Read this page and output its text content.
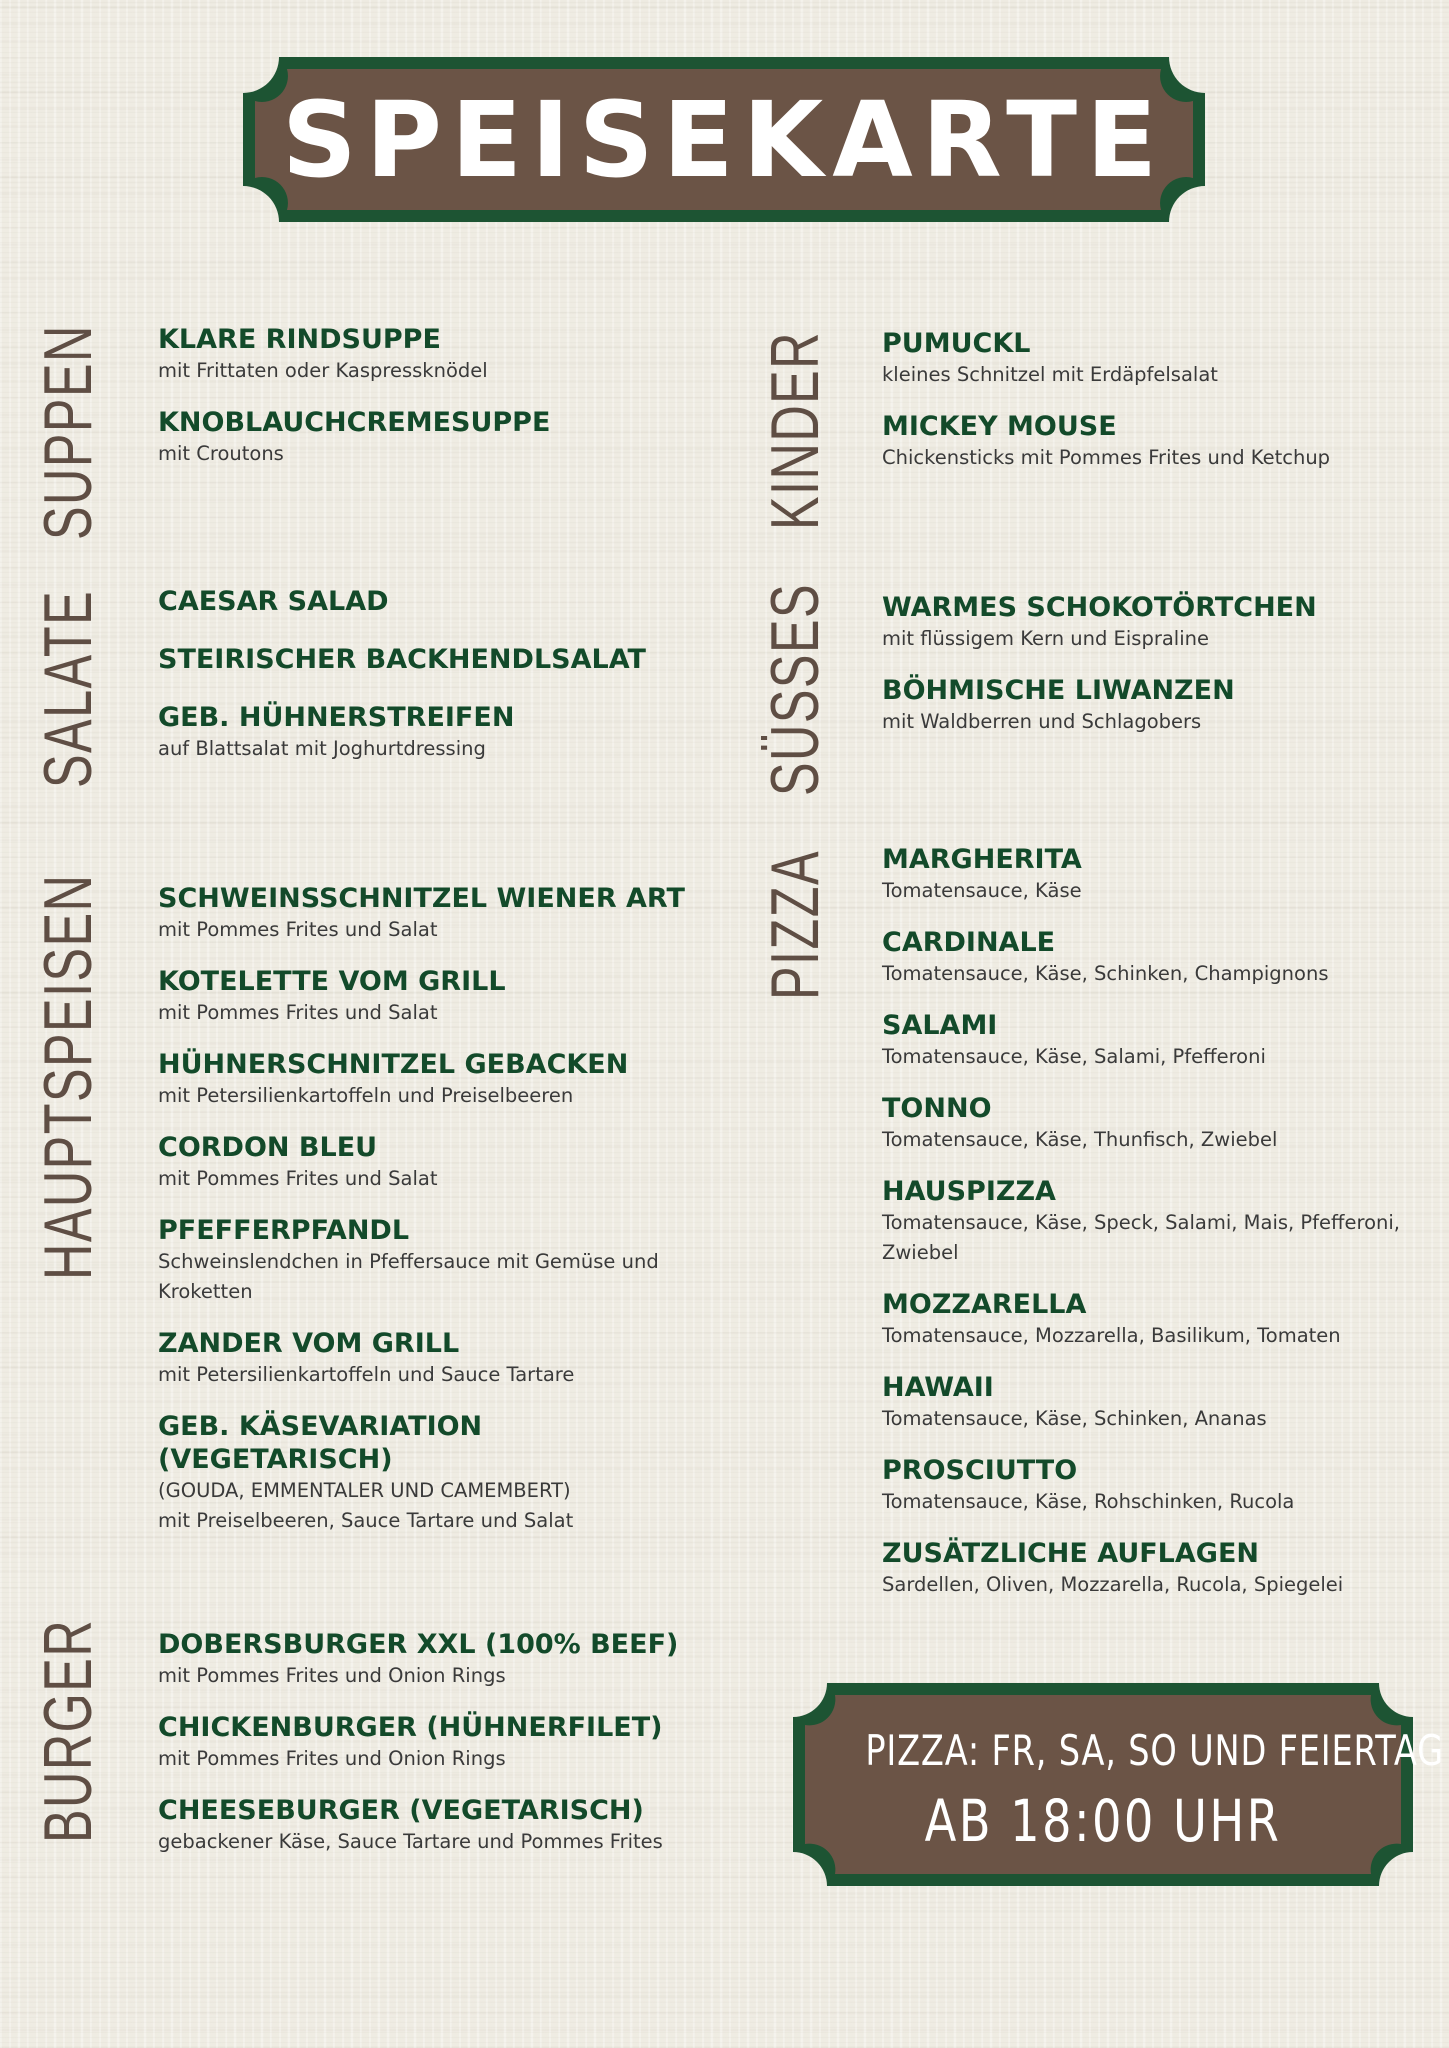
SPEISEKARTE
SUPPEN
SALATE
HAUPTSPEISEN
BURGER
KINDER
SÜSSES
PIZZA
KLARE RINDSUPPE
mit Frittaten oder Kaspressknödel
KNOBLAUCHCREMESUPPE
mit Croutons
CAESAR SALAD
STEIRISCHER BACKHENDLSALAT
GEB. HÜHNERSTREIFEN
auf Blattsalat mit Joghurtdressing
SCHWEINSSCHNITZEL WIENER ART
mit Pommes Frites und Salat
KOTELETTE VOM GRILL
mit Pommes Frites und Salat
HÜHNERSCHNITZEL GEBACKEN
mit Petersilienkartoffeln und Preiselbeeren
CORDON BLEU
mit Pommes Frites und Salat
PFEFFERPFANDL
Schweinslendchen in Pfeffersauce mit Gemüse und Kroketten
ZANDER VOM GRILL
mit Petersilienkartoffeln und Sauce Tartare
GEB. KÄSEVARIATION (VEGETARISCH)
(GOUDA, EMMENTALER UND CAMEMBERT)
mit Preiselbeeren, Sauce Tartare und Salat
DOBERSBURGER XXL (100% BEEF)
mit Pommes Frites und Onion Rings
CHICKENBURGER (HÜHNERFILET)
mit Pommes Frites und Onion Rings
CHEESEBURGER (VEGETARISCH)
gebackener Käse, Sauce Tartare und Pommes Frites
PUMUCKL
kleines Schnitzel mit Erdäpfelsalat
MICKEY MOUSE
Chickensticks mit Pommes Frites und Ketchup
WARMES SCHOKOTÖRTCHEN
mit flüssigem Kern und Eispraline
BÖHMISCHE LIWANZEN
mit Waldberren und Schlagobers
MARGHERITA
Tomatensauce, Käse
CARDINALE
Tomatensauce, Käse, Schinken, Champignons
SALAMI
Tomatensauce, Käse, Salami, Pfefferoni
TONNO
Tomatensauce, Käse, Thunfisch, Zwiebel
HAUSPIZZA
Tomatensauce, Käse, Speck, Salami, Mais, Pfefferoni, Zwiebel
MOZZARELLA
Tomatensauce, Mozzarella, Basilikum, Tomaten
HAWAII
Tomatensauce, Käse, Schinken, Ananas
PROSCIUTTO
Tomatensauce, Käse, Rohschinken, Rucola
ZUSÄTZLICHE AUFLAGEN
Sardellen, Oliven, Mozzarella, Rucola, Spiegelei
PIZZA: FR, SA, SO UND FEIERTAG
AB 18:00 UHR
